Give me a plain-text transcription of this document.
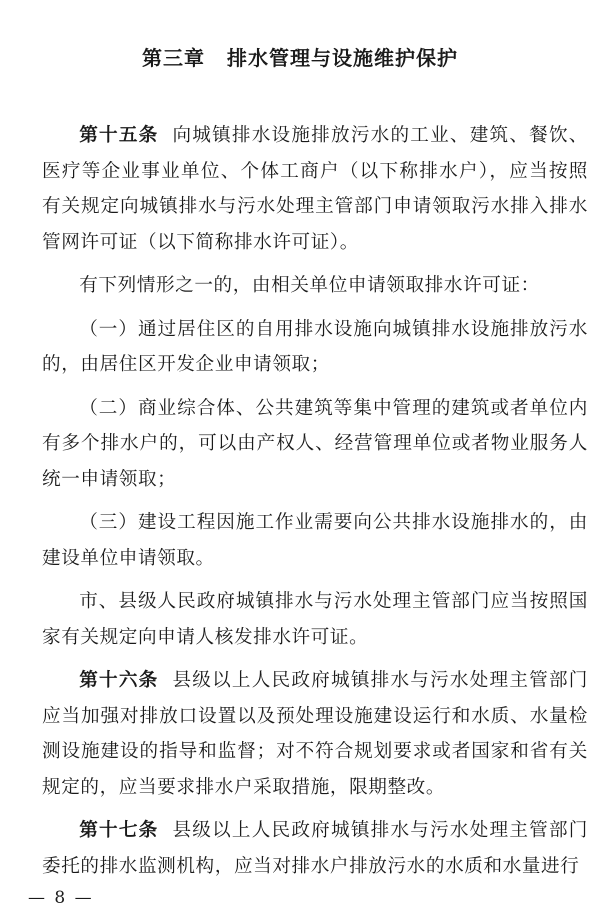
第三章 排水管理与设施维护保护

第十五条 向城镇排水设施排放污水的工业、建筑、餐饮、医疗等企业事业单位、个体工商户（以下称排水户），应当按照有关规定向城镇排水与污水处理主管部门申请领取污水排入排水管网许可证（以下简称排水许可证）。

有下列情形之一的，由相关单位申请领取排水许可证：

（一）通过居住区的自用排水设施向城镇排水设施排放污水的，由居住区开发企业申请领取；

（二）商业综合体、公共建筑等集中管理的建筑或者单位内有多个排水户的，可以由产权人、经营管理单位或者物业服务人统一申请领取；

（三）建设工程因施工作业需要向公共排水设施排水的，由建设单位申请领取。

市、县级人民政府城镇排水与污水处理主管部门应当按照国家有关规定向申请人核发排水许可证。

第十六条 县级以上人民政府城镇排水与污水处理主管部门应当加强对排放口设置以及预处理设施建设运行和水质、水量检测设施建设的指导和监督；对不符合规划要求或者国家和省有关规定的，应当要求排水户采取措施，限期整改。

第十七条 县级以上人民政府城镇排水与污水处理主管部门委托的排水监测机构，应当对排水户排放污水的水质和水量进行

— 8 —
